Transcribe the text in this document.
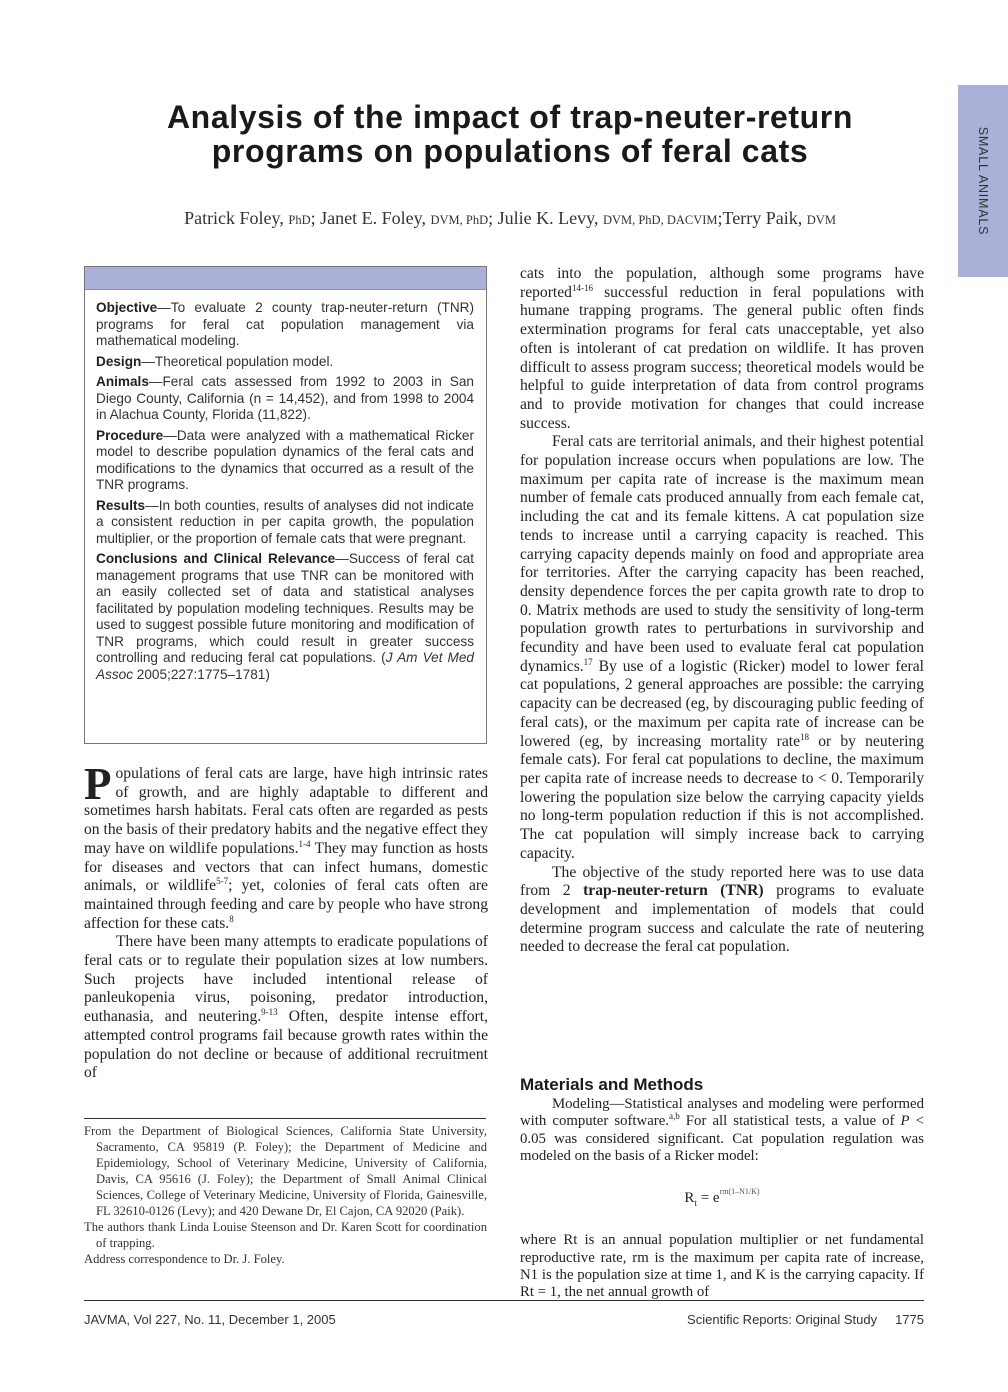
SMALL ANIMALS
Analysis of the impact of trap-neuter-return
programs on populations of feral cats
Patrick Foley, PhD; Janet E. Foley, DVM, PhD; Julie K. Levy, DVM, PhD, DACVIM;Terry Paik, DVM

Objective—To evaluate 2 county trap-neuter-return (TNR) programs for feral cat population management via mathematical modeling.

Design—Theoretical population model.

Animals—Feral cats assessed from 1992 to 2003 in San Diego County, California (n = 14,452), and from 1998 to 2004 in Alachua County, Florida (11,822).

Procedure—Data were analyzed with a mathematical Ricker model to describe population dynamics of the feral cats and modifications to the dynamics that occurred as a result of the TNR programs.

Results—In both counties, results of analyses did not indicate a consistent reduction in per capita growth, the population multiplier, or the proportion of female cats that were pregnant.

Conclusions and Clinical Relevance—Success of feral cat management programs that use TNR can be monitored with an easily collected set of data and statistical analyses facilitated by population modeling techniques. Results may be used to suggest possible future monitoring and modification of TNR programs, which could result in greater success controlling and reducing feral cat populations. (J Am Vet Med Assoc 2005;227:1775–1781)

Populations of feral cats are large, have high intrinsic rates of growth, and are highly adaptable to different and sometimes harsh habitats. Feral cats often are regarded as pests on the basis of their predatory habits and the negative effect they may have on wildlife populations.$^{1-4}$ They may function as hosts for diseases and vectors that can infect humans, domestic animals, or wildlife$^{5-7}$; yet, colonies of feral cats often are maintained through feeding and care by people who have strong affection for these cats.$^8$

There have been many attempts to eradicate populations of feral cats or to regulate their population sizes at low numbers. Such projects have included intentional release of panleukopenia virus, poisoning, predator introduction, euthanasia, and neutering.$^{9-13}$ Often, despite intense effort, attempted control programs fail because growth rates within the population do not decline or because of additional recruitment of

From the Department of Biological Sciences, California State University, Sacramento, CA 95819 (P. Foley); the Department of Medicine and Epidemiology, School of Veterinary Medicine, University of California, Davis, CA 95616 (J. Foley); the Department of Small Animal Clinical Sciences, College of Veterinary Medicine, University of Florida, Gainesville, FL 32610-0126 (Levy); and 420 Dewane Dr, El Cajon, CA 92020 (Paik).

The authors thank Linda Louise Steenson and Dr. Karen Scott for coordination of trapping.

Address correspondence to Dr. J. Foley.

cats into the population, although some programs have reported$^{14-16}$ successful reduction in feral populations with humane trapping programs. The general public often finds extermination programs for feral cats unacceptable, yet also often is intolerant of cat predation on wildlife. It has proven difficult to assess program success; theoretical models would be helpful to guide interpretation of data from control programs and to provide motivation for changes that could increase success.

Feral cats are territorial animals, and their highest potential for population increase occurs when populations are low. The maximum per capita rate of increase is the maximum mean number of female cats produced annually from each female cat, including the cat and its female kittens. A cat population size tends to increase until a carrying capacity is reached. This carrying capacity depends mainly on food and appropriate area for territories. After the carrying capacity has been reached, density dependence forces the per capita growth rate to drop to 0. Matrix methods are used to study the sensitivity of long-term population growth rates to perturbations in survivorship and fecundity and have been used to evaluate feral cat population dynamics.$^{17}$ By use of a logistic (Ricker) model to lower feral cat populations, 2 general approaches are possible: the carrying capacity can be decreased (eg, by discouraging public feeding of feral cats), or the maximum per capita rate of increase can be lowered (eg, by increasing mortality rate$^{18}$ or by neutering female cats). For feral cat populations to decline, the maximum per capita rate of increase needs to decrease to < 0. Temporarily lowering the population size below the carrying capacity yields no long-term population reduction if this is not accomplished. The cat population will simply increase back to carrying capacity.

The objective of the study reported here was to use data from 2 trap-neuter-return (TNR) programs to evaluate development and implementation of models that could determine program success and calculate the rate of neutering needed to decrease the feral cat population.

Materials and Methods

Modeling—Statistical analyses and modeling were performed with computer software.$^{a,b}$ For all statistical tests, a value of P < 0.05 was considered significant. Cat population regulation was modeled on the basis of a Ricker model:

$R_t = e^{rm(1-N1/K)}$

where Rt is an annual population multiplier or net fundamental reproductive rate, rm is the maximum per capita rate of increase, N1 is the population size at time 1, and K is the carrying capacity. If Rt = 1, the net annual growth of

JAVMA, Vol 227, No. 11, December 1, 2005	Scientific Reports: Original Study 1775
